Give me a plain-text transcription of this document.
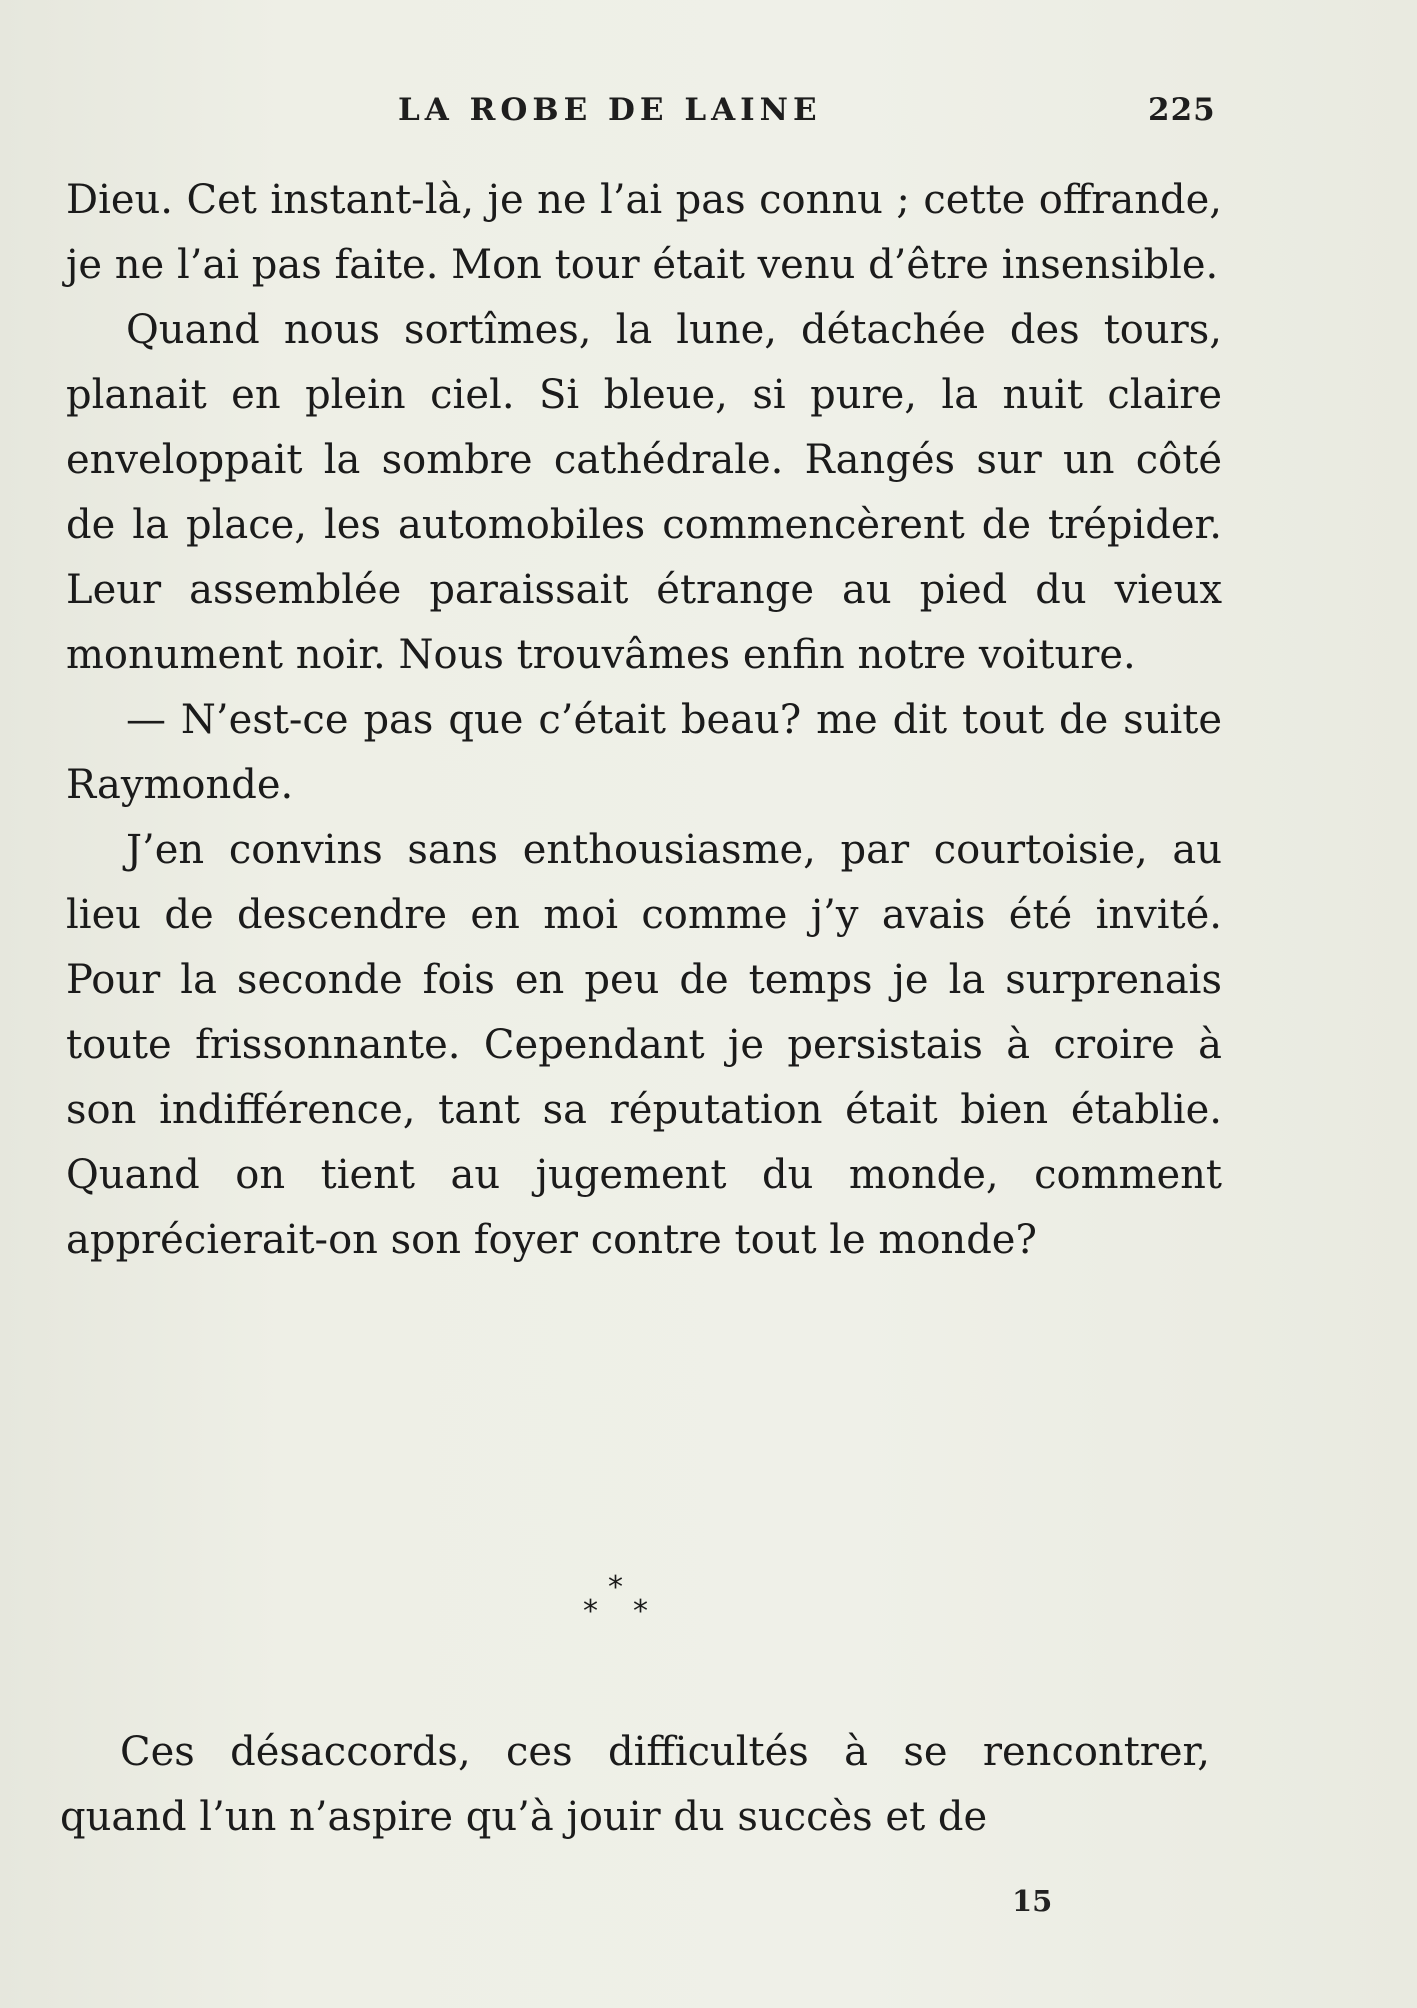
LA ROBE DE LAINE	225

Dieu. Cet instant-là, je ne l’ai pas connu ; cette offrande, je ne l’ai pas faite. Mon tour était venu d’être insensible.

Quand nous sortîmes, la lune, détachée des tours, planait en plein ciel. Si bleue, si pure, la nuit claire enveloppait la sombre cathédrale. Rangés sur un côté de la place, les automobiles commencèrent de trépider. Leur assemblée paraissait étrange au pied du vieux monument noir. Nous trouvâmes enfin notre voiture.

— N’est-ce pas que c’était beau? me dit tout de suite Raymonde.

J’en convins sans enthousiasme, par courtoisie, au lieu de descendre en moi comme j’y avais été invité. Pour la seconde fois en peu de temps je la surprenais toute frissonnante. Cependant je persistais à croire à son indifférence, tant sa réputation était bien établie. Quand on tient au jugement du monde, comment apprécierait-on son foyer contre tout le monde?

*
* *

Ces désaccords, ces difficultés à se rencontrer, quand l’un n’aspire qu’à jouir du succès et de

15
